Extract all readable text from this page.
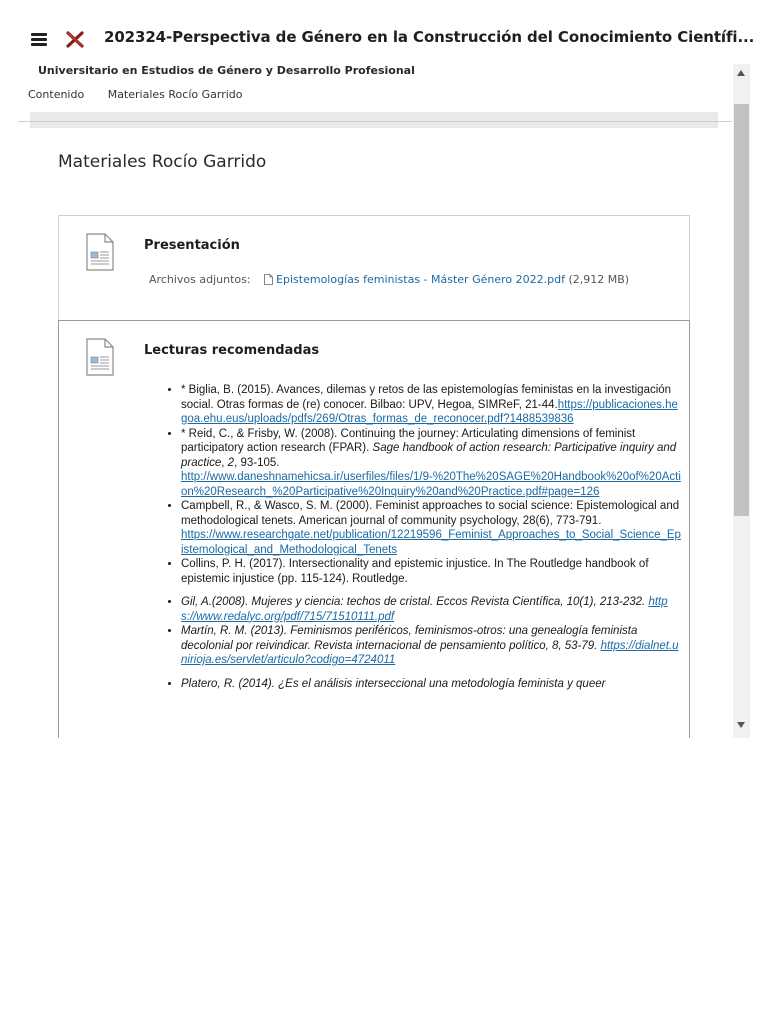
202324-Perspectiva de Género en la Construcción del Conocimiento Científi...
Universitario en Estudios de Género y Desarrollo Profesional
Contenido Materiales Rocío Garrido
Materiales Rocío Garrido
Presentación
Archivos adjuntos: Epistemologías feministas - Máster Género 2022.pdf (2,912 MB)
Lecturas recomendadas
• * Biglia, B. (2015). Avances, dilemas y retos de las epistemologías feministas en la investigación social. Otras formas de (re) conocer. Bilbao: UPV, Hegoa, SIMReF, 21-44.https://publicaciones.hegoa.ehu.eus/uploads/pdfs/269/Otras_formas_de_reconocer.pdf?1488539836
• * Reid, C., & Frisby, W. (2008). Continuing the journey: Articulating dimensions of feminist participatory action research (FPAR). Sage handbook of action research: Participative inquiry and practice, 2, 93-105.
http://www.daneshnamehicsa.ir/userfiles/files/1/9-%20The%20SAGE%20Handbook%20of%20Action%20Research_%20Participative%20Inquiry%20and%20Practice.pdf#page=126
• Campbell, R., & Wasco, S. M. (2000). Feminist approaches to social science: Epistemological and methodological tenets. American journal of community psychology, 28(6), 773-791.
https://www.researchgate.net/publication/12219596_Feminist_Approaches_to_Social_Science_Epistemological_and_Methodological_Tenets
• Collins, P. H. (2017). Intersectionality and epistemic injustice. In The Routledge handbook of epistemic injustice (pp. 115-124). Routledge.
• Gil, A.(2008). Mujeres y ciencia: techos de cristal. Eccos Revista Científica, 10(1), 213-232. https://www.redalyc.org/pdf/715/71510111.pdf
• Martín, R. M. (2013). Feminismos periféricos, feminismos-otros: una genealogía feminista decolonial por reivindicar. Revista internacional de pensamiento político, 8, 53-79. https://dialnet.unirioja.es/servlet/articulo?codigo=4724011
• Platero, R. (2014). ¿Es el análisis interseccional una metodología feminista y queer
